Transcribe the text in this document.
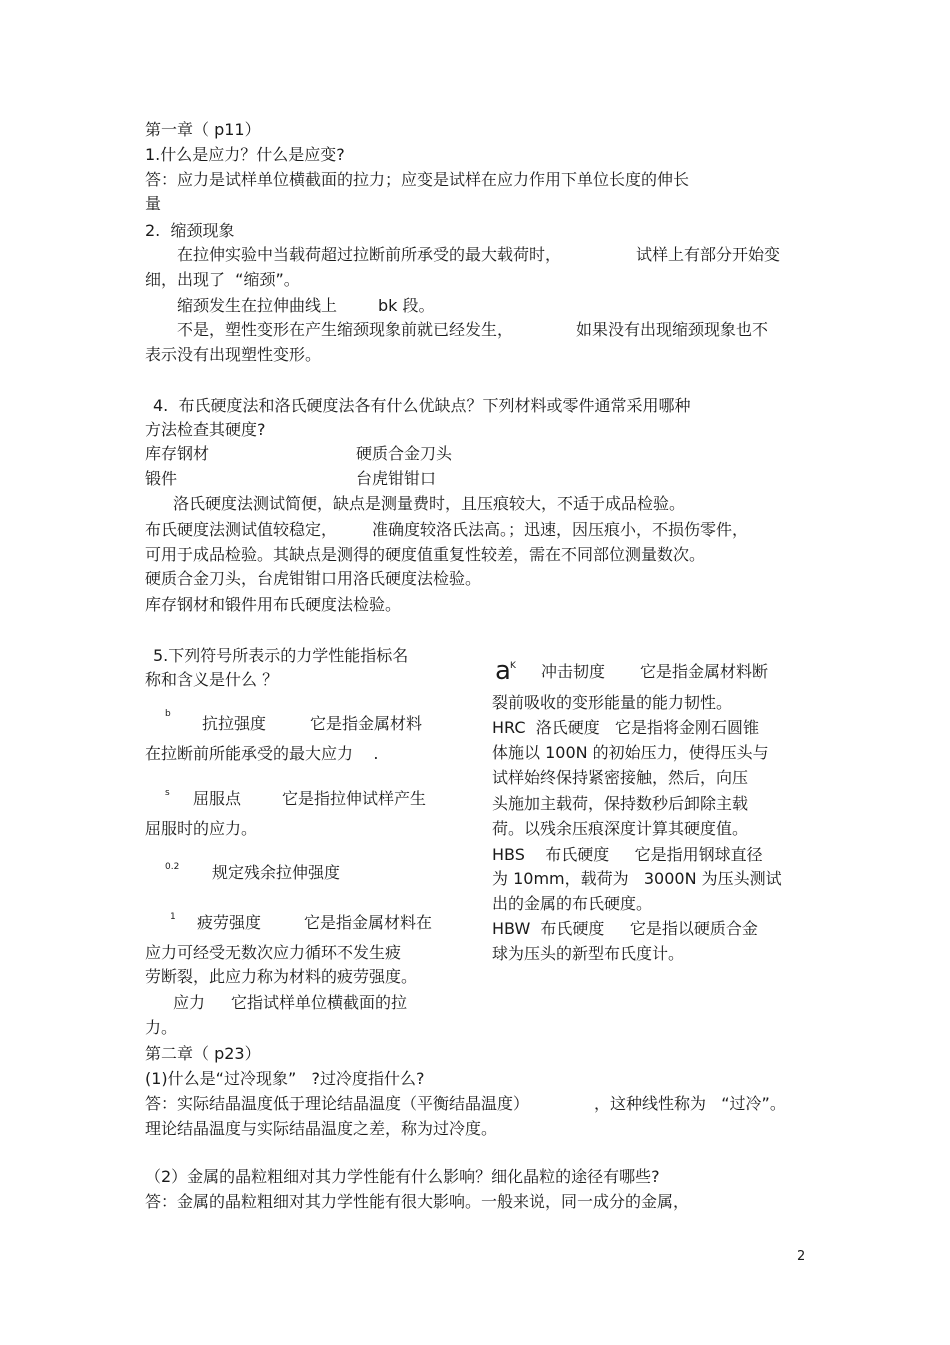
第一章（ p11）
1.什么是应力？什么是应变?
答：应力是试样单位横截面的拉力；应变是试样在应力作用下单位长度的伸长
量
2.  缩颈现象
在拉伸实验中当载荷超过拉断前所承受的最大载荷时，	试样上有部分开始变
细，出现了  “缩颈”。
缩颈发生在拉伸曲线上	bk 段。
不是，塑性变形在产生缩颈现象前就已经发生，	如果没有出现缩颈现象也不
表示没有出现塑性变形。
4.  布氏硬度法和洛氏硬度法各有什么优缺点？下列材料或零件通常采用哪种
方法检查其硬度?
库存钢材	硬质合金刀头
锻件	台虎钳钳口
洛氏硬度法测试简便，缺点是测量费时，且压痕较大，不适于成品检验。
布氏硬度法测试值较稳定， 准确度较洛氏法高。；迅速，因压痕小，不损伤零件，
可用于成品检验。其缺点是测得的硬度值重复性较差，需在不同部位测量数次。
硬质合金刀头，台虎钳钳口用洛氏硬度法检验。
库存钢材和锻件用布氏硬度法检验。
5.下列符号所表示的力学性能指标名
称和含义是什么 ？
b 抗拉强度	它是指金属材料
在拉断前所能承受的最大应力    .
s 屈服点	它是指拉伸试样产生
屈服时的应力。
0.2 规定残余拉伸强度
1 疲劳强度	它是指金属材料在
应力可经受无数次应力循环不发生疲
劳断裂，此应力称为材料的疲劳强度。
应力 它指试样单位横截面的拉
力。
a K 冲击韧度 它是指金属材料断
裂前吸收的变形能量的能力韧性。
HRC  洛氏硬度   它是指将金刚石圆锥
体施以 100N 的初始压力，使得压头与
试样始终保持紧密接触，然后，向压
头施加主载荷，保持数秒后卸除主载
荷。以残余压痕深度计算其硬度值。
HBS    布氏硬度     它是指用钢球直径
为 10mm，载荷为   3000N 为压头测试
出的金属的布氏硬度。
HBW  布氏硬度     它是指以硬质合金
球为压头的新型布氏度计。
第二章（ p23）
(1)什么是“过冷现象”   ?过冷度指什么?
答：实际结晶温度低于理论结晶温度（平衡结晶温度）	，这种线性称为   “过冷”。
理论结晶温度与实际结晶温度之差，称为过冷度。
（2）金属的晶粒粗细对其力学性能有什么影响？细化晶粒的途径有哪些?
答：金属的晶粒粗细对其力学性能有很大影响。一般来说，同一成分的金属，
2
